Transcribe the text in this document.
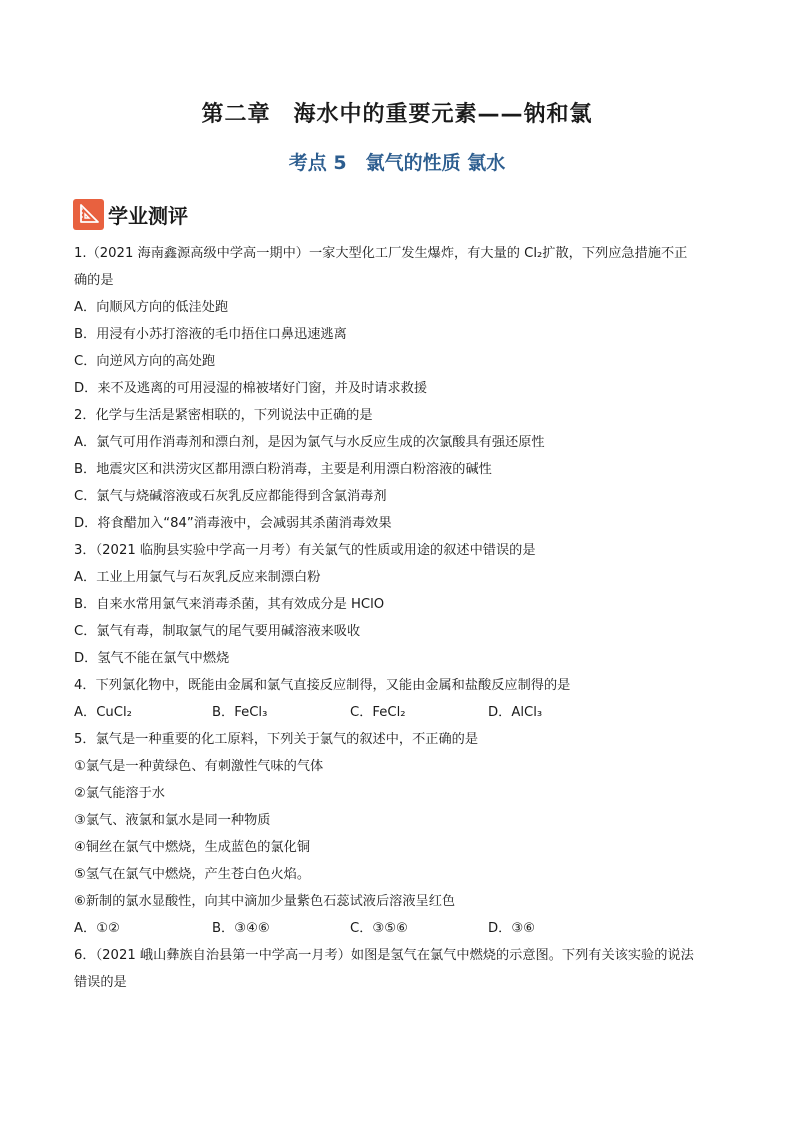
第二章　海水中的重要元素——钠和氯
考点 5　氯气的性质 氯水
学业测评
1.（2021 海南鑫源高级中学高一期中）一家大型化工厂发生爆炸，有大量的 Cl₂扩散，下列应急措施不正
确的是
A．向顺风方向的低洼处跑
B．用浸有小苏打溶液的毛巾捂住口鼻迅速逃离
C．向逆风方向的高处跑
D．来不及逃离的可用浸湿的棉被堵好门窗，并及时请求救援
2．化学与生活是紧密相联的，下列说法中正确的是
A．氯气可用作消毒剂和漂白剂，是因为氯气与水反应生成的次氯酸具有强还原性
B．地震灾区和洪涝灾区都用漂白粉消毒，主要是利用漂白粉溶液的碱性
C．氯气与烧碱溶液或石灰乳反应都能得到含氯消毒剂
D．将食醋加入“84”消毒液中，会减弱其杀菌消毒效果
3．（2021 临朐县实验中学高一月考）有关氯气的性质或用途的叙述中错误的是
A．工业上用氯气与石灰乳反应来制漂白粉
B．自来水常用氯气来消毒杀菌，其有效成分是 HClO
C．氯气有毒，制取氯气的尾气要用碱溶液来吸收
D．氢气不能在氯气中燃烧
4．下列氯化物中，既能由金属和氯气直接反应制得，又能由金属和盐酸反应制得的是
A．CuCl₂	B．FeCl₃	C．FeCl₂	D．AlCl₃
5．氯气是一种重要的化工原料，下列关于氯气的叙述中，不正确的是
①氯气是一种黄绿色、有刺激性气味的气体
②氯气能溶于水
③氯气、液氯和氯水是同一种物质
④铜丝在氯气中燃烧，生成蓝色的氯化铜
⑤氢气在氯气中燃烧，产生苍白色火焰。
⑥新制的氯水显酸性，向其中滴加少量紫色石蕊试液后溶液呈红色
A．①②	B．③④⑥	C．③⑤⑥	D．③⑥
6．（2021 峨山彝族自治县第一中学高一月考）如图是氢气在氯气中燃烧的示意图。下列有关该实验的说法
错误的是
